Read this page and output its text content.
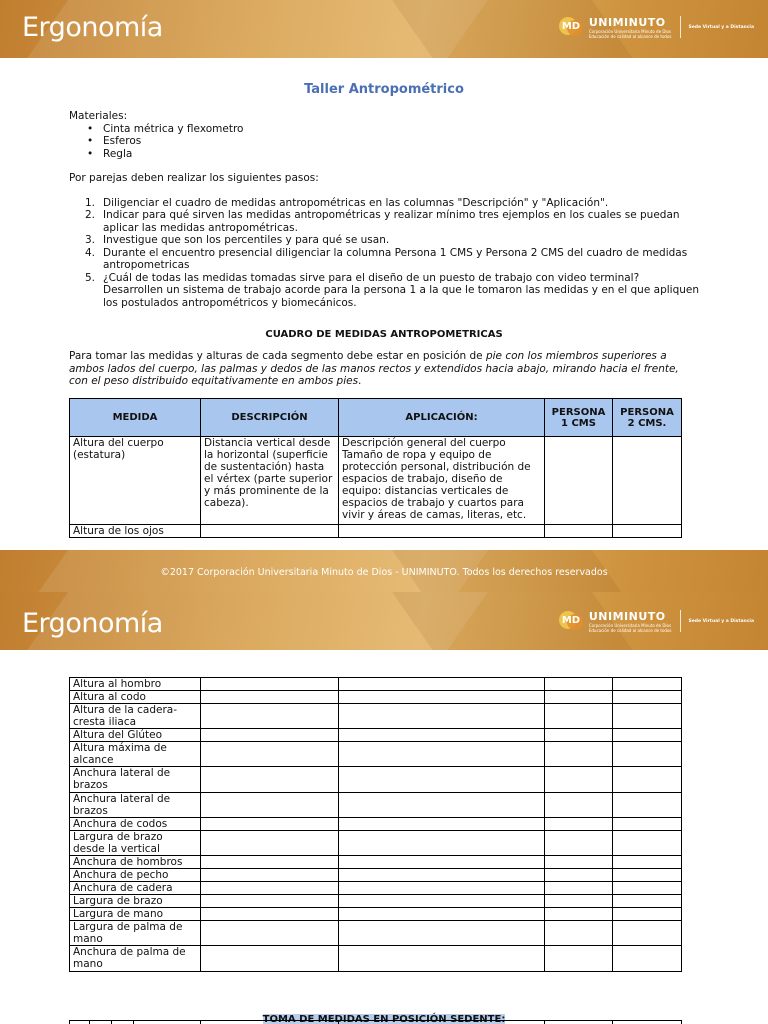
Ergonomía	MD UNIMINUTO
Corporación Universitaria Minuto de Dios
Educación de calidad al alcance de todos
Sede Virtual y a Distancia
Taller Antropométrico
Materiales:
• Cinta métrica y flexometro
• Esferos
• Regla
Por parejas deben realizar los siguientes pasos:
1. Diligenciar el cuadro de medidas antropométricas en las columnas "Descripción" y "Aplicación".
2. Indicar para qué sirven las medidas antropométricas y realizar mínimo tres ejemplos en los cuales se puedan aplicar las medidas antropométricas.
3. Investigue que son los percentiles y para qué se usan.
4. Durante el encuentro presencial diligenciar la columna Persona 1 CMS y Persona 2 CMS del cuadro de medidas antropometricas
5. ¿Cuál de todas las medidas tomadas sirve para el diseño de un puesto de trabajo con video terminal? Desarrollen un sistema de trabajo acorde para la persona 1 a la que le tomaron las medidas y en el que apliquen los postulados antropométricos y biomecánicos.
CUADRO DE MEDIDAS ANTROPOMETRICAS
Para tomar las medidas y alturas de cada segmento debe estar en posición de pie con los miembros superiores a ambos lados del cuerpo, las palmas y dedos de las manos rectos y extendidos hacia abajo, mirando hacia el frente, con el peso distribuido equitativamente en ambos pies.
MEDIDA	DESCRIPCIÓN	APLICACIÓN:	PERSONA 1 CMS	PERSONA 2 CMS.
Altura del cuerpo (estatura)	Distancia vertical desde la horizontal (superficie de sustentación) hasta el vértex (parte superior y más prominente de la cabeza).	Descripción general del cuerpo Tamaño de ropa y equipo de protección personal, distribución de espacios de trabajo, diseño de equipo: distancias verticales de espacios de trabajo y cuartos para vivir y áreas de camas, literas, etc.		
Altura de los ojos				
©2017 Corporación Universitaria Minuto de Dios - UNIMINUTO. Todos los derechos reservados
Ergonomía	MD UNIMINUTO
Corporación Universitaria Minuto de Dios
Educación de calidad al alcance de todos
Sede Virtual y a Distancia
Altura al hombro				
Altura al codo				
Altura de la cadera-cresta iliaca				
Altura del Glúteo				
Altura máxima de alcance				
Anchura lateral de brazos				
Anchura lateral de brazos				
Anchura de codos				
Largura de brazo desde la vertical				
Anchura de hombros				
Anchura de pecho				
Anchura de cadera				
Largura de brazo				
Largura de mano				
Largura de palma de mano				
Anchura de palma de mano				
TOMA DE MEDIDAS EN POSICIÓN SEDENTE:
